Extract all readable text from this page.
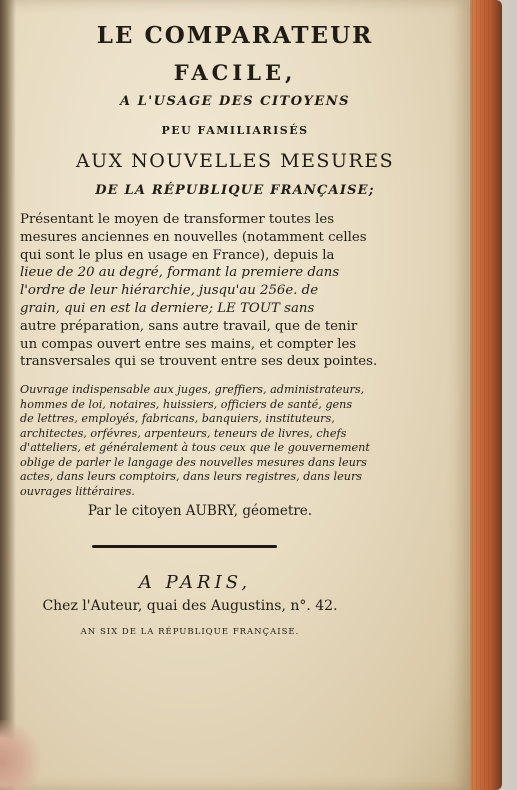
LE COMPARATEUR
FACILE,
A L'USAGE DES CITOYENS
PEU FAMILIARISÉS
AUX NOUVELLES MESURES
DE LA RÉPUBLIQUE FRANÇAISE;
Présentant le moyen de transformer toutes les
mesures anciennes en nouvelles (notamment celles
qui sont le plus en usage en France), depuis la
lieue de 20 au degré, formant la premiere dans
l'ordre de leur hiérarchie, jusqu'au 256e. de
grain, qui en est la derniere; LE TOUT sans
autre préparation, sans autre travail, que de tenir
un compas ouvert entre ses mains, et compter les
transversales qui se trouvent entre ses deux pointes.
Ouvrage indispensable aux juges, greffiers, administrateurs,
hommes de loi, notaires, huissiers, officiers de santé, gens
de lettres, employés, fabricans, banquiers, instituteurs,
architectes, orfévres, arpenteurs, teneurs de livres, chefs
d'atteliers, et généralement à tous ceux que le gouvernement
oblige de parler le langage des nouvelles mesures dans leurs
actes, dans leurs comptoirs, dans leurs registres, dans leurs
ouvrages littéraires.
Par le citoyen AUBRY, géometre.
A PARIS,
Chez l'Auteur, quai des Augustins, n°. 42.
AN SIX DE LA RÉPUBLIQUE FRANÇAISE.
